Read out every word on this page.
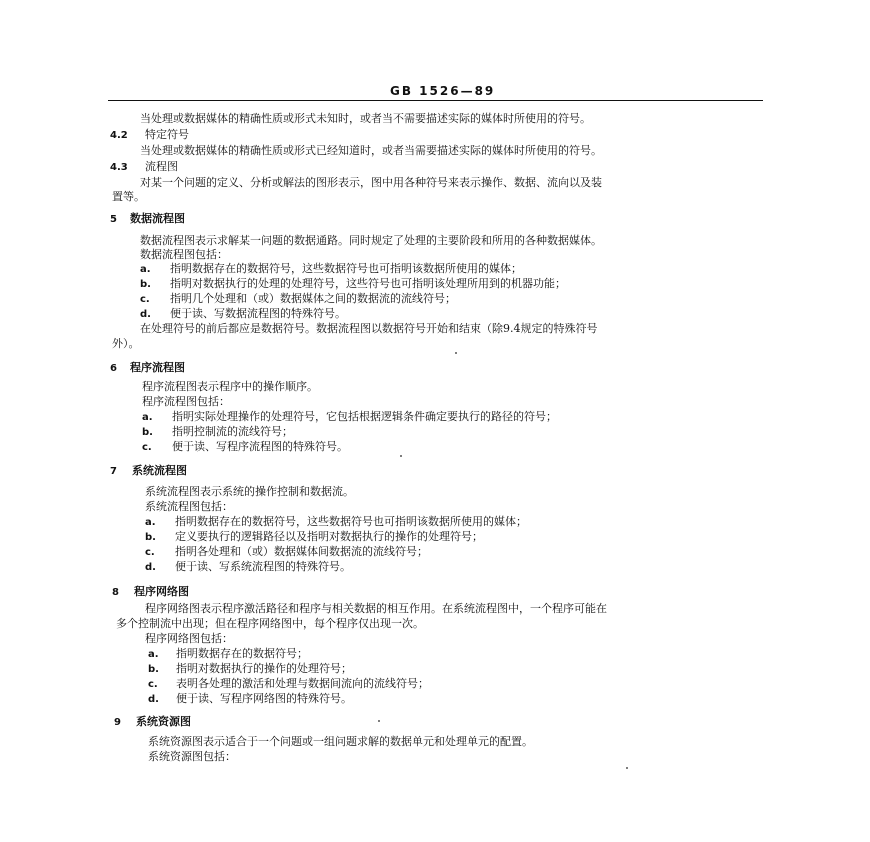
GB 1526—89
当处理或数据媒体的精确性质或形式未知时，或者当不需要描述实际的媒体时所使用的符号。
4.2 特定符号
当处理或数据媒体的精确性质或形式已经知道时，或者当需要描述实际的媒体时所使用的符号。
4.3 流程图
对某一个问题的定义、分析或解法的图形表示，图中用各种符号来表示操作、数据、流向以及装
置等。
5 数据流程图
数据流程图表示求解某一问题的数据通路。同时规定了处理的主要阶段和所用的各种数据媒体。
数据流程图包括：
a. 指明数据存在的数据符号，这些数据符号也可指明该数据所使用的媒体；
b. 指明对数据执行的处理的处理符号，这些符号也可指明该处理所用到的机器功能；
c. 指明几个处理和（或）数据媒体之间的数据流的流线符号；
d. 便于读、写数据流程图的特殊符号。
在处理符号的前后都应是数据符号。数据流程图以数据符号开始和结束（除9.4规定的特殊符号
外）。
6 程序流程图
程序流程图表示程序中的操作顺序。
程序流程图包括：
a. 指明实际处理操作的处理符号，它包括根据逻辑条件确定要执行的路径的符号；
b. 指明控制流的流线符号；
c. 便于读、写程序流程图的特殊符号。
7 系统流程图
系统流程图表示系统的操作控制和数据流。
系统流程图包括：
a. 指明数据存在的数据符号，这些数据符号也可指明该数据所使用的媒体；
b. 定义要执行的逻辑路径以及指明对数据执行的操作的处理符号；
c. 指明各处理和（或）数据媒体间数据流的流线符号；
d. 便于读、写系统流程图的特殊符号。
8 程序网络图
程序网络图表示程序激活路径和程序与相关数据的相互作用。在系统流程图中，一个程序可能在
多个控制流中出现；但在程序网络图中，每个程序仅出现一次。
程序网络图包括：
a. 指明数据存在的数据符号；
b. 指明对数据执行的操作的处理符号；
c. 表明各处理的激活和处理与数据间流向的流线符号；
d. 便于读、写程序网络图的特殊符号。
9 系统资源图
系统资源图表示适合于一个问题或一组问题求解的数据单元和处理单元的配置。
系统资源图包括：
